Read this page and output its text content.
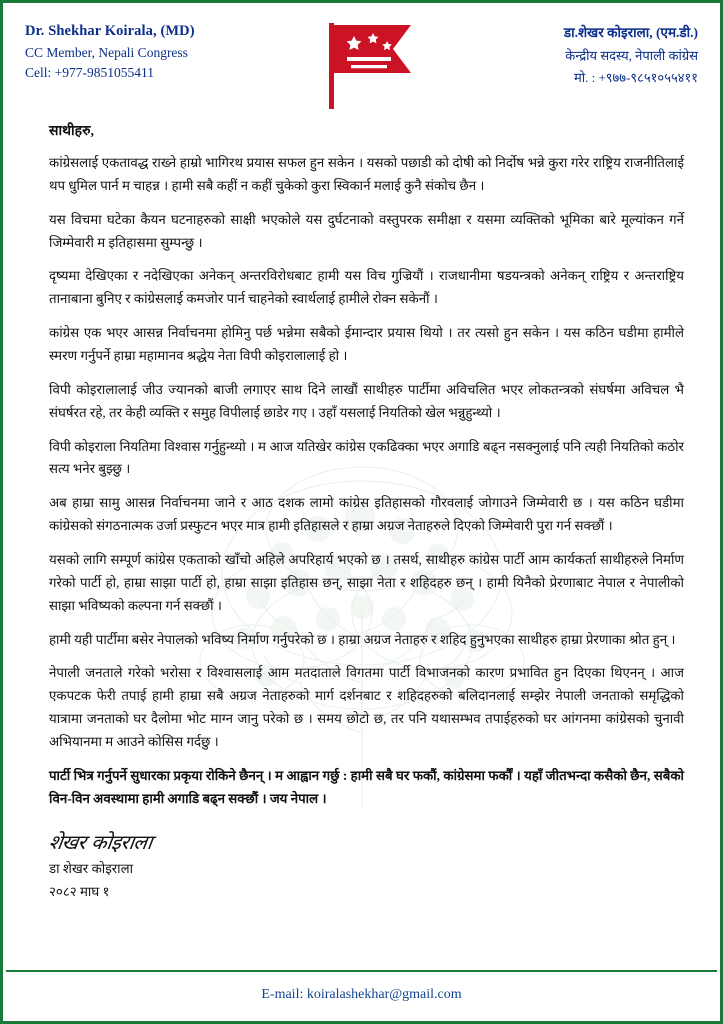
Dr. Shekhar Koirala, (MD)
CC Member, Nepali Congress
Cell: +977-9851055411
डा.शेखर कोइराला, (एम.डी.)
केन्द्रीय सदस्य, नेपाली कांग्रेस
मो. : +९७७-९८५१०५५४११
साथीहरु,

कांग्रेसलाई एकतावद्ध राख्ने हाम्रो भागिरथ प्रयास सफल हुन सकेन । यसको पछाडी को दोषी को निर्दोष भन्ने कुरा गरेर राष्ट्रिय राजनीतिलाई थप धुमिल पार्न म चाहन्न । हामी सबै कहीं न कहीं चुकेको कुरा स्विकार्न मलाई कुनै संकोच छैन ।

यस विचमा घटेका कैयन घटनाहरुको साक्षी भएकोले यस दुर्घटनाको वस्तुपरक समीक्षा र यसमा व्यक्तिको भूमिका बारे मूल्यांकन गर्ने जिम्मेवारी म इतिहासमा सुम्पन्छु ।

दृष्यमा देखिएका र नदेखिएका अनेकन् अन्तरविरोधबाट हामी यस विच गुज्रियौं । राजधानीमा षडयन्त्रको अनेकन् राष्ट्रिय र अन्तराष्ट्रिय तानाबाना बुनिए र कांग्रेसलाई कमजोर पार्न चाहनेको स्वार्थलाई हामीले रोक्न सकेनौं ।

कांग्रेस एक भएर आसन्न निर्वाचनमा होमिनु पर्छ भन्नेमा सबैको ईमान्दार प्रयास थियो । तर त्यसो हुन सकेन । यस कठिन घडीमा हामीले स्मरण गर्नुपर्ने हाम्रा महामानव श्रद्धेय नेता विपी कोइरालालाई हो ।

विपी कोइरालालाई जीउ ज्यानको बाजी लगाएर साथ दिने लाखौं साथीहरु पार्टीमा अविचलित भएर लोकतन्त्रको संघर्षमा अविचल भै संघर्षरत रहे, तर केही व्यक्ति र समुह विपीलाई छाडेर गए । उहाँ यसलाई नियतिको खेल भन्नुहुन्थ्यो ।

विपी कोइराला नियतिमा विश्वास गर्नुहुन्थ्यो । म आज यतिखेर कांग्रेस एकढिक्का भएर अगाडि बढ्न नसक्नुलाई पनि त्यही नियतिको कठोर सत्य भनेर बुझ्छु ।

अब हाम्रा सामु आसन्न निर्वाचनमा जाने र आठ दशक लामो कांग्रेस इतिहासको गौरवलाई जोगाउने जिम्मेवारी छ । यस कठिन घडीमा कांग्रेसको संगठनात्मक उर्जा प्रस्फुटन भएर मात्र हामी इतिहासले र हाम्रा अग्रज नेताहरुले दिएको जिम्मेवारी पुरा गर्न सक्छौं ।

यसको लागि सम्पूर्ण कांग्रेस एकताको खाँचो अहिले अपरिहार्य भएको छ । तसर्थ, साथीहरु कांग्रेस पार्टी आम कार्यकर्ता साथीहरुले निर्माण गरेको पार्टी हो, हाम्रा साझा पार्टी हो, हाम्रा साझा इतिहास छन्, साझा नेता र शहिदहरु छन् । हामी यिनैको प्रेरणाबाट नेपाल र नेपालीको साझा भविष्यको कल्पना गर्न सक्छौं ।

हामी यही पार्टीमा बसेर नेपालको भविष्य निर्माण गर्नुपरेको छ । हाम्रा अग्रज नेताहरु र शहिद हुनुभएका साथीहरु हाम्रा प्रेरणाका श्रोत हुन् ।

नेपाली जनताले गरेको भरोसा र विश्वासलाई आम मतदाताले विगतमा पार्टी विभाजनको कारण प्रभावित हुन दिएका थिएनन् । आज एकपटक फेरी तपाई हामी हाम्रा सबै अग्रज नेताहरुको मार्ग दर्शनबाट र शहिदहरुको बलिदानलाई सम्झेर नेपाली जनताको समृद्धिको यात्रामा जनताको घर दैलोमा भोट माग्न जानु परेको छ । समय छोटो छ, तर पनि यथासम्भव तपाईहरुको घर आंगनमा कांग्रेसको चुनावी अभियानमा म आउने कोसिस गर्दछु ।

पार्टी भित्र गर्नुपर्ने सुधारका प्रकृया रोकिने छैनन् । म आह्वान गर्छु : हामी सबै घर फकौं, कांग्रेसमा फर्कौं । यहाँ जीतभन्दा कसैको छैन, सबैको विन-विन अवस्थामा हामी अगाडि बढ्न सक्छौं । जय नेपाल ।

शेखर कोइराला
डा शेखर कोइराला
२०८२ माघ १
E-mail: koiralashekhar@gmail.com
